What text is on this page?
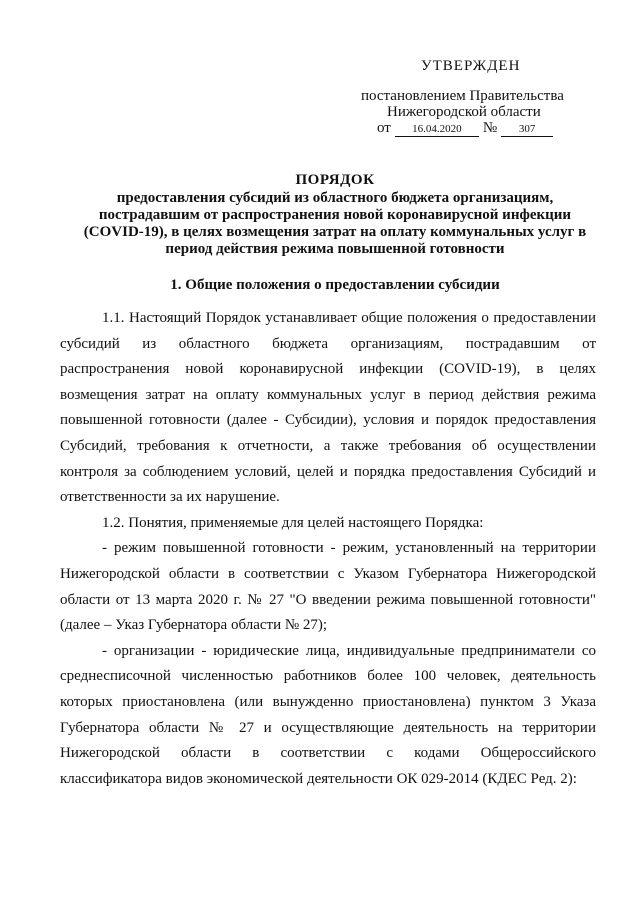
УТВЕРЖДЕН
постановлением Правительства
Нижегородской области
от 16.04.2020 № 307
ПОРЯДОК
предоставления субсидий из областного бюджета организациям, пострадавшим от распространения новой коронавирусной инфекции (COVID-19), в целях возмещения затрат на оплату коммунальных услуг в период действия режима повышенной готовности
1. Общие положения о предоставлении субсидии

1.1. Настоящий Порядок устанавливает общие положения о предоставлении субсидий из областного бюджета организациям, пострадавшим от распространения новой коронавирусной инфекции (COVID-19), в целях возмещения затрат на оплату коммунальных услуг в период действия режима повышенной готовности (далее - Субсидии), условия и порядок предоставления Субсидий, требования к отчетности, а также требования об осуществлении контроля за соблюдением условий, целей и порядка предоставления Субсидий и ответственности за их нарушение.

1.2. Понятия, применяемые для целей настоящего Порядка:

- режим повышенной готовности - режим, установленный на территории Нижегородской области в соответствии с Указом Губернатора Нижегородской области от 13 марта 2020 г. № 27 "О введении режима повышенной готовности" (далее – Указ Губернатора области № 27);

- организации - юридические лица, индивидуальные предприниматели со среднесписочной численностью работников более 100 человек, деятельность которых приостановлена (или вынужденно приостановлена) пунктом 3 Указа Губернатора области № 27 и осуществляющие деятельность на территории Нижегородской области в соответствии с кодами Общероссийского классификатора видов экономической деятельности ОК 029-2014 (КДЕС Ред. 2):
